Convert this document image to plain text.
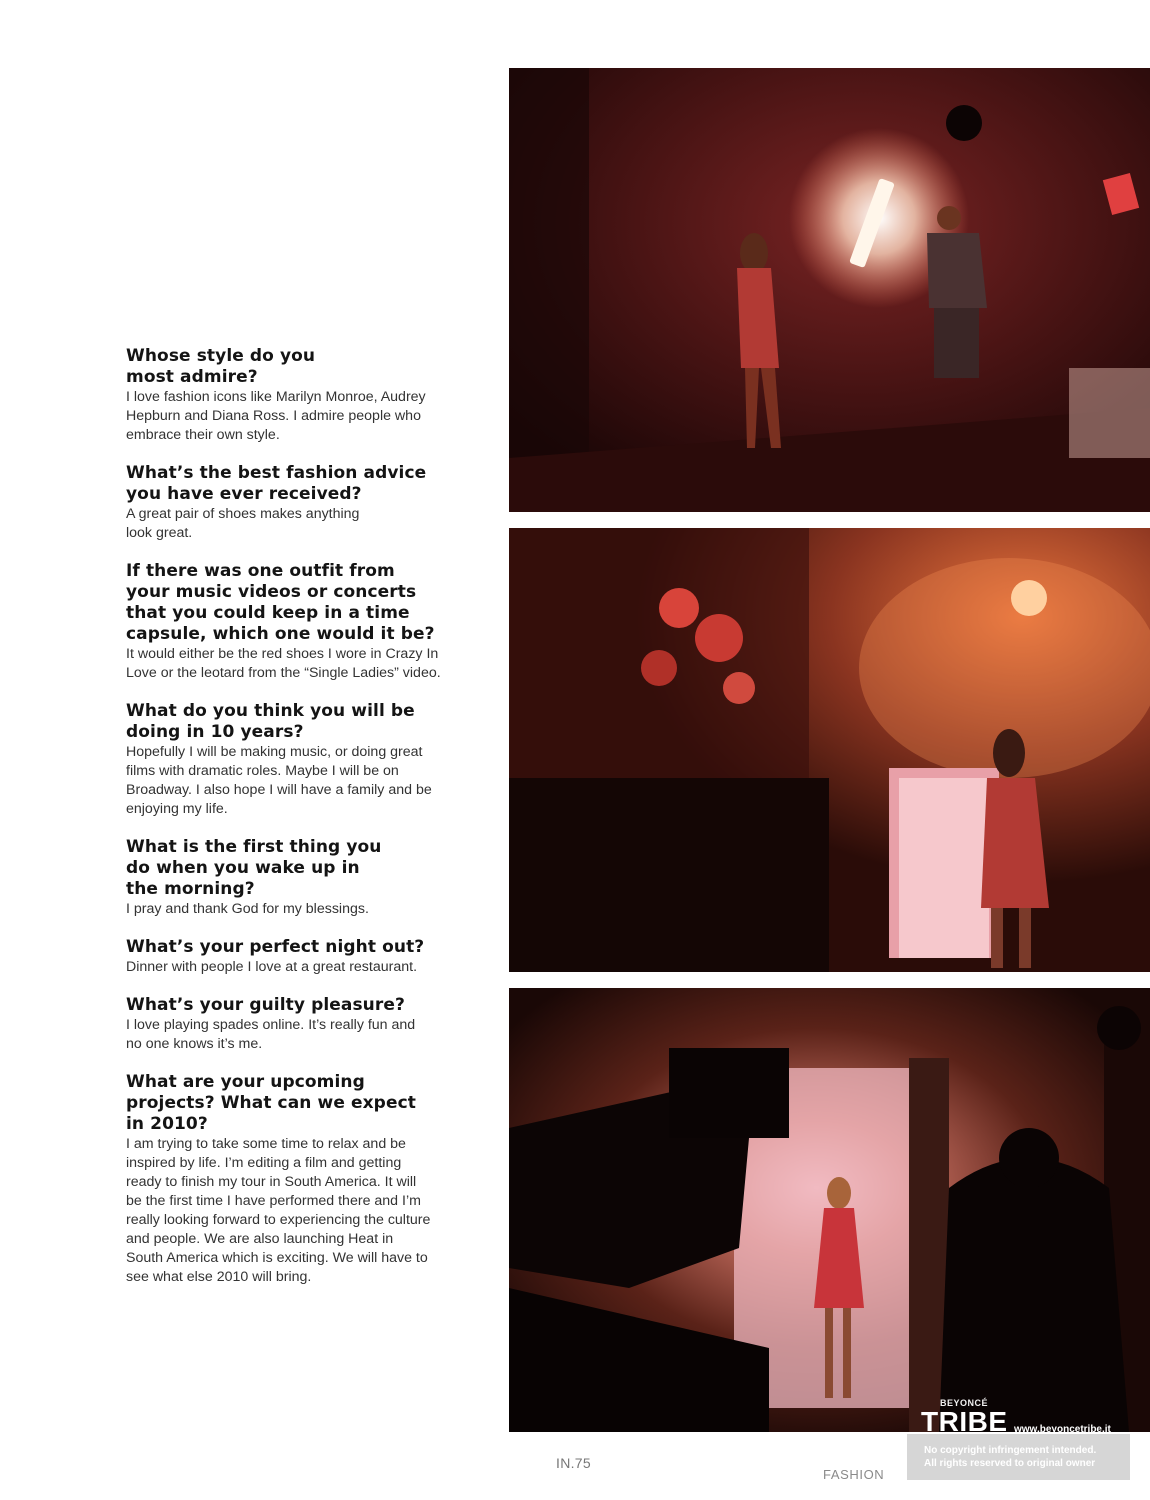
Whose style do you
most admire?

I love fashion icons like Marilyn Monroe, Audrey
Hepburn and Diana Ross. I admire people who
embrace their own style.

What’s the best fashion advice
you have ever received?

A great pair of shoes makes anything
look great.

If there was one outfit from
your music videos or concerts
that you could keep in a time
capsule, which one would it be?

It would either be the red shoes I wore in Crazy In
Love or the leotard from the “Single Ladies” video.

What do you think you will be
doing in 10 years?

Hopefully I will be making music, or doing great
films with dramatic roles. Maybe I will be on
Broadway. I also hope I will have a family and be
enjoying my life.

What is the first thing you
do when you wake up in
the morning?

I pray and thank God for my blessings.

What’s your perfect night out?

Dinner with people I love at a great restaurant.

What’s your guilty pleasure?

I love playing spades online. It’s really fun and
no one knows it’s me.

What are your upcoming
projects? What can we expect
in 2010?

I am trying to take some time to relax and be
inspired by life. I’m editing a film and getting
ready to finish my tour in South America. It will
be the first time I have performed there and I’m
really looking forward to experiencing the culture
and people. We are also launching Heat in
South America which is exciting. We will have to
see what else 2010 will bring.

IN.75
FASHION
BEYONCÉ
TRIBE www.beyoncetribe.it
No copyright infringement intended.
All rights reserved to original owner
